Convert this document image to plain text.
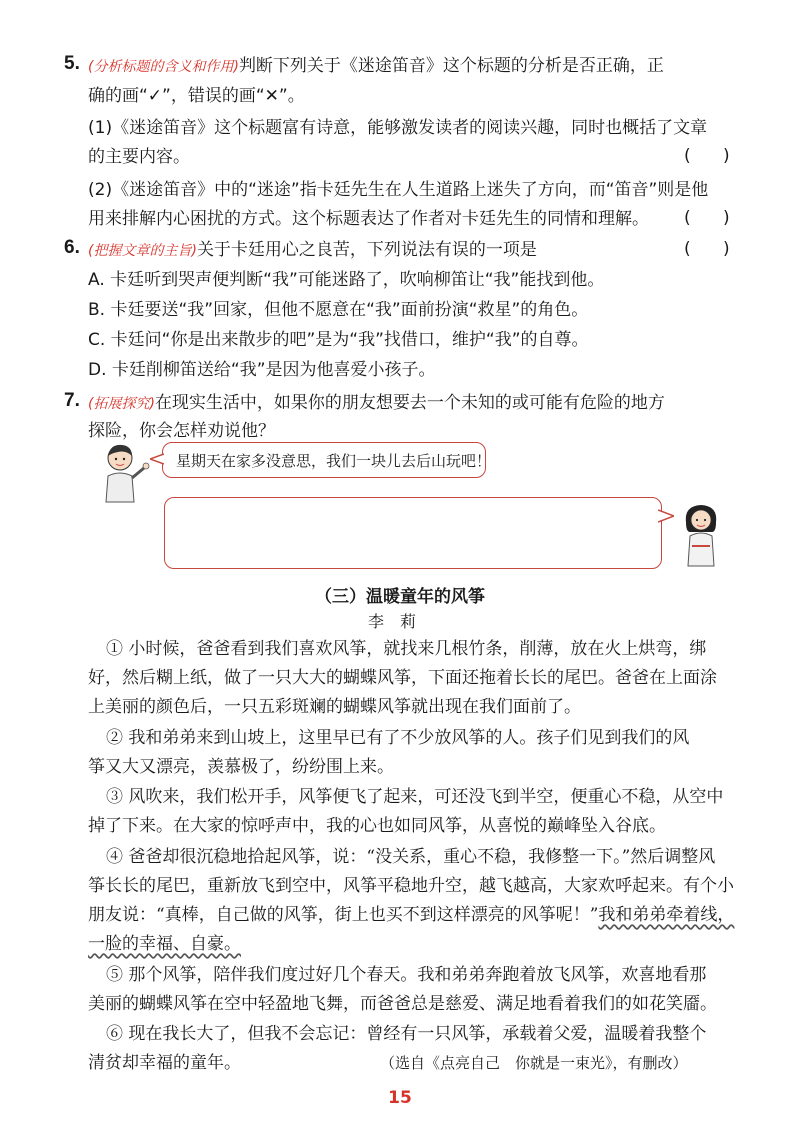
5. (分析标题的含义和作用)判断下列关于《迷途笛音》这个标题的分析是否正确，正
确的画“✓”，错误的画“✕”。
(1)《迷途笛音》这个标题富有诗意，能够激发读者的阅读兴趣，同时也概括了文章
的主要内容。	(      )
(2)《迷途笛音》中的“迷途”指卡廷先生在人生道路上迷失了方向，而“笛音”则是他
用来排解内心困扰的方式。这个标题表达了作者对卡廷先生的同情和理解。 (      )
6. (把握文章的主旨)关于卡廷用心之良苦，下列说法有误的一项是	(      )
A. 卡廷听到哭声便判断“我”可能迷路了，吹响柳笛让“我”能找到他。
B. 卡廷要送“我”回家，但他不愿意在“我”面前扮演“救星”的角色。
C. 卡廷问“你是出来散步的吧”是为“我”找借口，维护“我”的自尊。
D. 卡廷削柳笛送给“我”是因为他喜爱小孩子。
7. (拓展探究)在现实生活中，如果你的朋友想要去一个未知的或可能有危险的地方
探险，你会怎样劝说他？
星期天在家多没意思，我们一块儿去后山玩吧！
（三）温暖童年的风筝
李莉
① 小时候，爸爸看到我们喜欢风筝，就找来几根竹条，削薄，放在火上烘弯，绑
好，然后糊上纸，做了一只大大的蝴蝶风筝，下面还拖着长长的尾巴。爸爸在上面涂
上美丽的颜色后，一只五彩斑斓的蝴蝶风筝就出现在我们面前了。
② 我和弟弟来到山坡上，这里早已有了不少放风筝的人。孩子们见到我们的风
筝又大又漂亮，羡慕极了，纷纷围上来。
③ 风吹来，我们松开手，风筝便飞了起来，可还没飞到半空，便重心不稳，从空中
掉了下来。在大家的惊呼声中，我的心也如同风筝，从喜悦的巅峰坠入谷底。
④ 爸爸却很沉稳地拾起风筝，说：“没关系，重心不稳，我修整一下。”然后调整风
筝长长的尾巴，重新放飞到空中，风筝平稳地升空，越飞越高，大家欢呼起来。有个小
朋友说：“真棒，自己做的风筝，街上也买不到这样漂亮的风筝呢！”我和弟弟牵着线，
一脸的幸福、自豪。
⑤ 那个风筝，陪伴我们度过好几个春天。我和弟弟奔跑着放飞风筝，欢喜地看那
美丽的蝴蝶风筝在空中轻盈地飞舞，而爸爸总是慈爱、满足地看着我们的如花笑靥。
⑥ 现在我长大了，但我不会忘记：曾经有一只风筝，承载着父爱，温暖着我整个
清贫却幸福的童年。	（选自《点亮自己　你就是一束光》，有删改）
15
